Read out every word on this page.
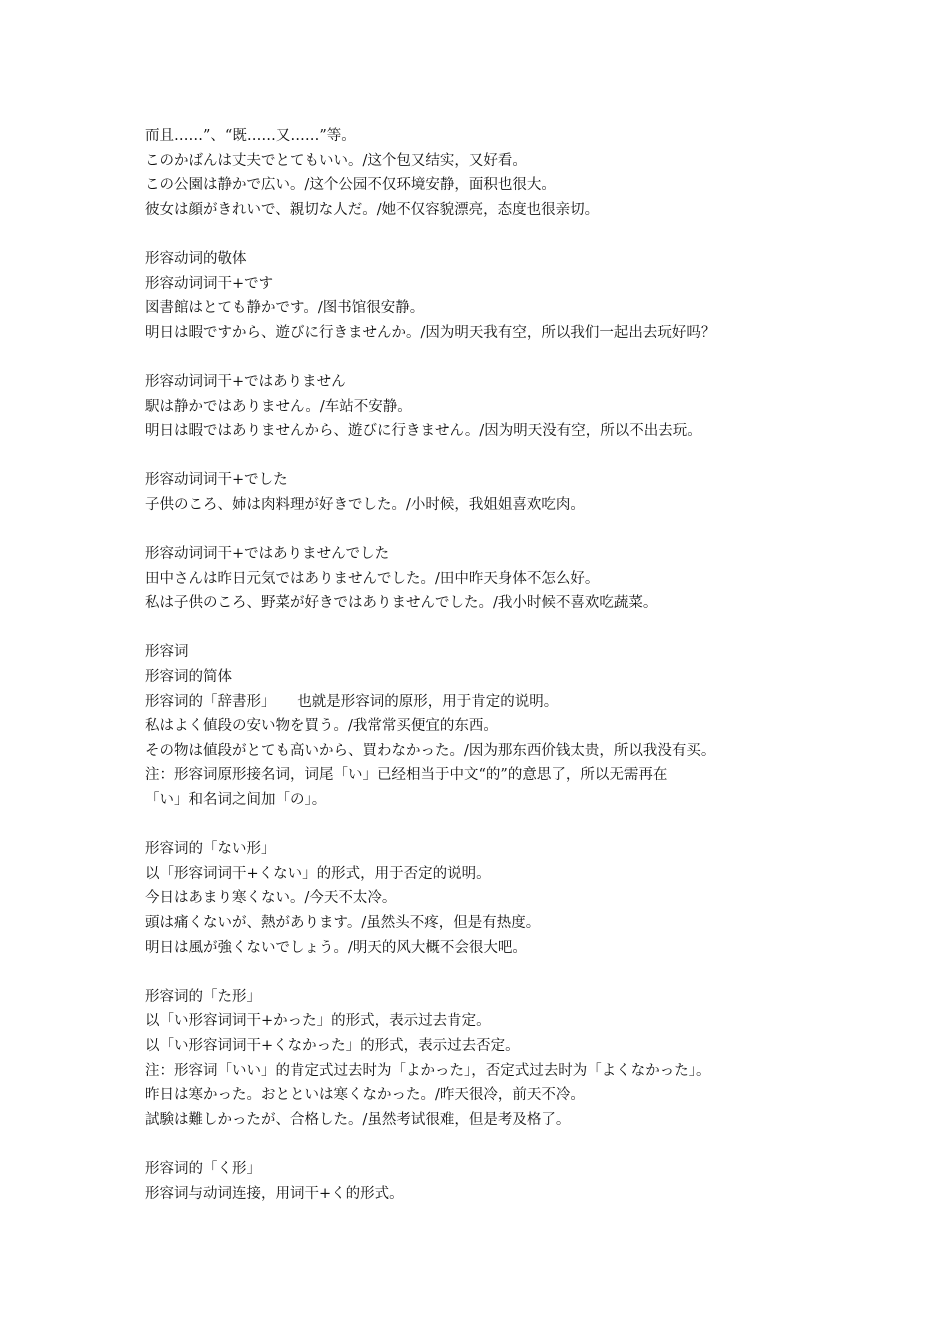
而且……”、“既……又……”等。
このかばんは丈夫でとてもいい。/这个包又结实，又好看。
この公園は静かで広い。/这个公园不仅环境安静，面积也很大。
彼女は顔がきれいで、親切な人だ。/她不仅容貌漂亮，态度也很亲切。
形容动词的敬体
形容动词词干+です
図書館はとても静かです。/图书馆很安静。
明日は暇ですから、遊びに行きませんか。/因为明天我有空，所以我们一起出去玩好吗？
形容动词词干+ではありません
駅は静かではありません。/车站不安静。
明日は暇ではありませんから、遊びに行きません。/因为明天没有空，所以不出去玩。
形容动词词干+でした
子供のころ、姉は肉料理が好きでした。/小时候，我姐姐喜欢吃肉。
形容动词词干+ではありませんでした
田中さんは昨日元気ではありませんでした。/田中昨天身体不怎么好。
私は子供のころ、野菜が好きではありませんでした。/我小时候不喜欢吃蔬菜。
形容词
形容词的简体
形容词的「辞書形」　　也就是形容词的原形，用于肯定的说明。
私はよく値段の安い物を買う。/我常常买便宜的东西。
その物は値段がとても高いから、買わなかった。/因为那东西价钱太贵，所以我没有买。
注：形容词原形接名词，词尾「い」已经相当于中文“的”的意思了，所以无需再在
「い」和名词之间加「の」。
形容词的「ない形」
以「形容词词干+くない」的形式，用于否定的说明。
今日はあまり寒くない。/今天不太冷。
頭は痛くないが、熱があります。/虽然头不疼，但是有热度。
明日は風が強くないでしょう。/明天的风大概不会很大吧。
形容词的「た形」
以「い形容词词干+かった」的形式，表示过去肯定。
以「い形容词词干+くなかった」的形式，表示过去否定。
注：形容词「いい」的肯定式过去时为「よかった」，否定式过去时为「よくなかった」。
昨日は寒かった。おとといは寒くなかった。/昨天很冷，前天不冷。
試験は難しかったが、合格した。/虽然考试很难，但是考及格了。
形容词的「く形」
形容词与动词连接，用词干+く的形式。
